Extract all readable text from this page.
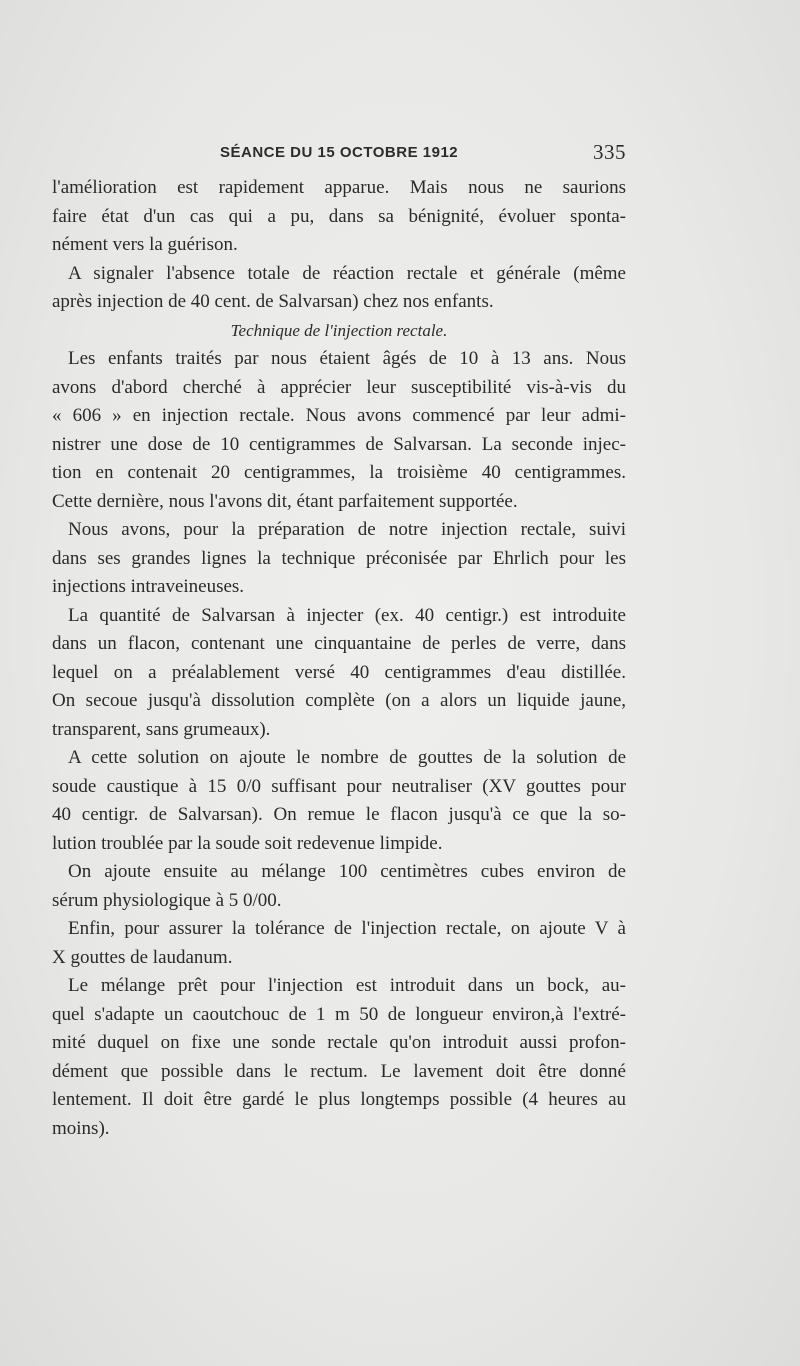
SÉANCE DU 15 OCTOBRE 1912	335
l'amélioration est rapidement apparue. Mais nous ne saurions
faire état d'un cas qui a pu, dans sa bénignité, évoluer sponta-
nément vers la guérison.
A signaler l'absence totale de réaction rectale et générale (même
après injection de 40 cent. de Salvarsan) chez nos enfants.
Technique de l'injection rectale.
Les enfants traités par nous étaient âgés de 10 à 13 ans. Nous
avons d'abord cherché à apprécier leur susceptibilité vis-à-vis du
« 606 » en injection rectale. Nous avons commencé par leur admi-
nistrer une dose de 10 centigrammes de Salvarsan. La seconde injec-
tion en contenait 20 centigrammes, la troisième 40 centigrammes.
Cette dernière, nous l'avons dit, étant parfaitement supportée.
Nous avons, pour la préparation de notre injection rectale, suivi
dans ses grandes lignes la technique préconisée par Ehrlich pour les
injections intraveineuses.
La quantité de Salvarsan à injecter (ex. 40 centigr.) est introduite
dans un flacon, contenant une cinquantaine de perles de verre, dans
lequel on a préalablement versé 40 centigrammes d'eau distillée.
On secoue jusqu'à dissolution complète (on a alors un liquide jaune,
transparent, sans grumeaux).
A cette solution on ajoute le nombre de gouttes de la solution de
soude caustique à 15 0/0 suffisant pour neutraliser (XV gouttes pour
40 centigr. de Salvarsan). On remue le flacon jusqu'à ce que la so-
lution troublée par la soude soit redevenue limpide.
On ajoute ensuite au mélange 100 centimètres cubes environ de
sérum physiologique à 5 0/00.
Enfin, pour assurer la tolérance de l'injection rectale, on ajoute V à
X gouttes de laudanum.
Le mélange prêt pour l'injection est introduit dans un bock, au-
quel s'adapte un caoutchouc de 1 m 50 de longueur environ,à l'extré-
mité duquel on fixe une sonde rectale qu'on introduit aussi profon-
dément que possible dans le rectum. Le lavement doit être donné
lentement. Il doit être gardé le plus longtemps possible (4 heures au
moins).
